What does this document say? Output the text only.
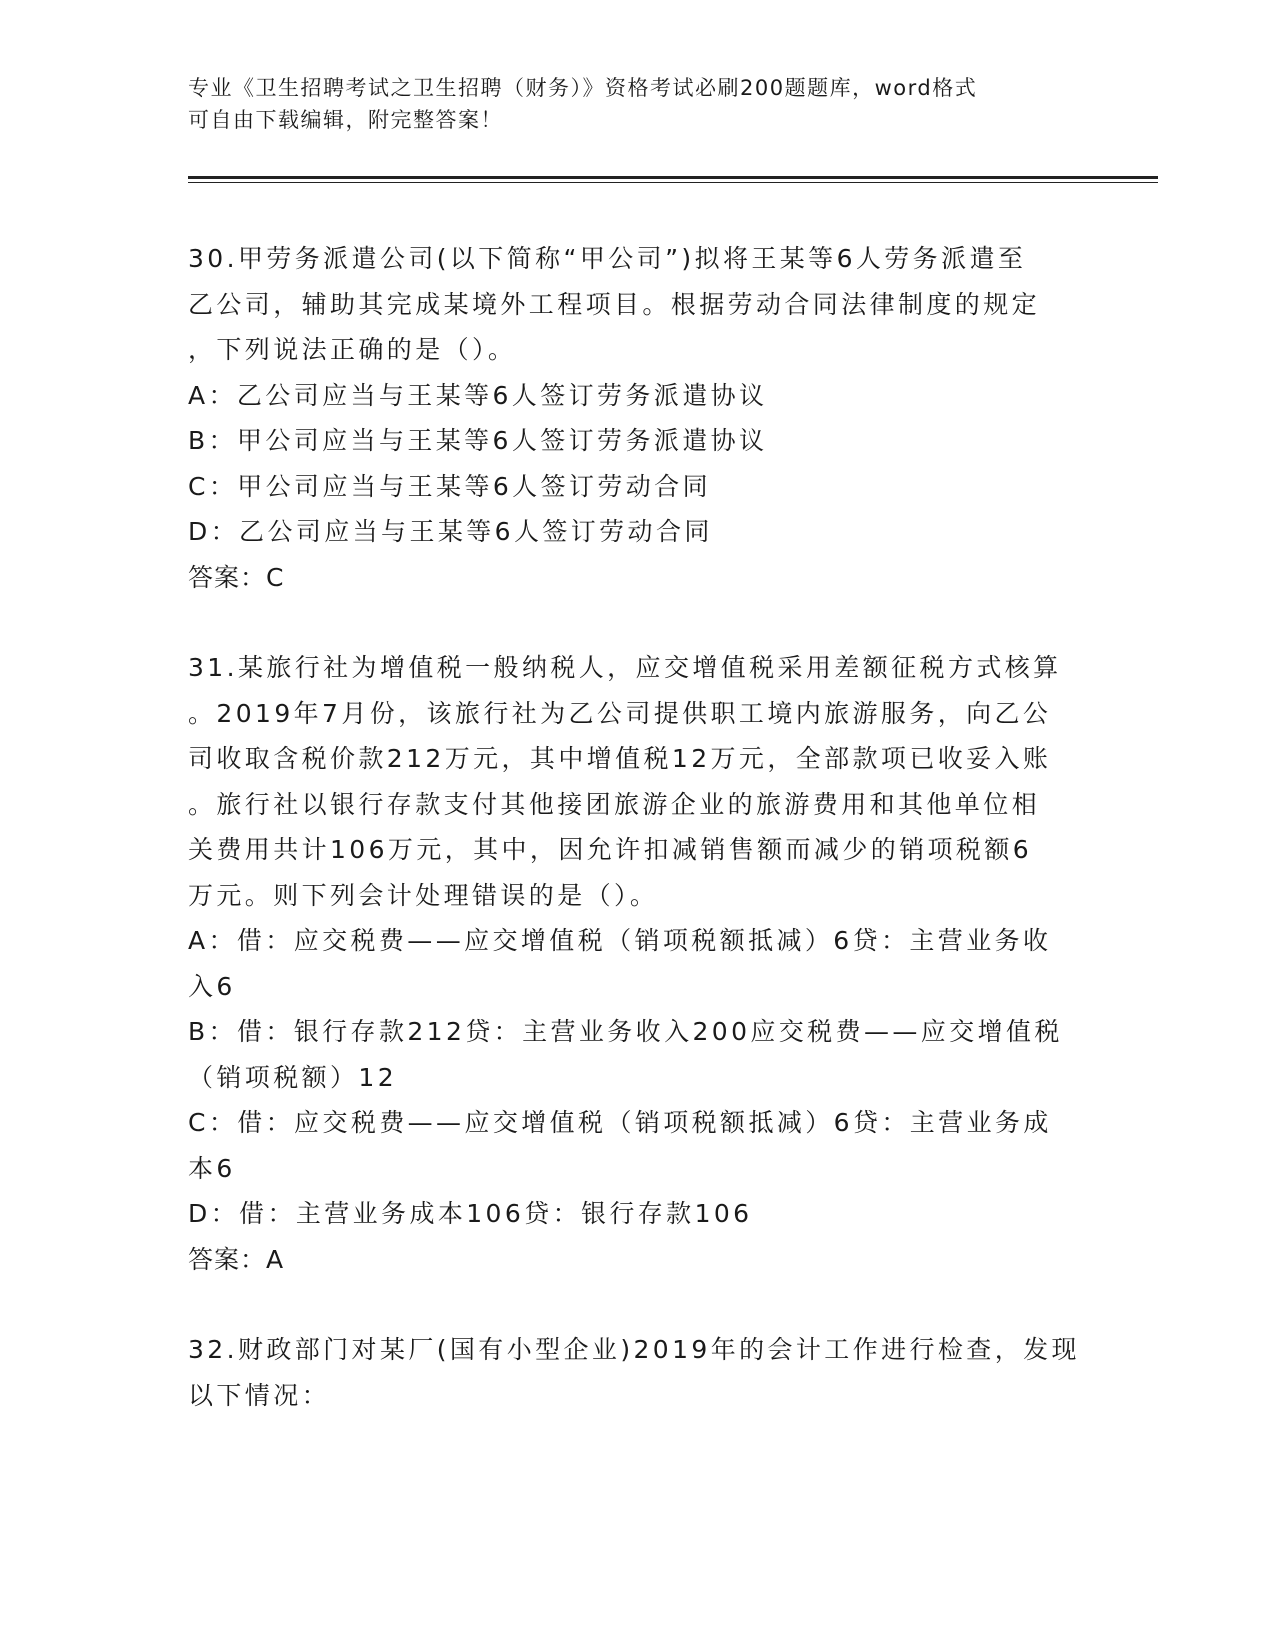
专业《卫生招聘考试之卫生招聘（财务）》资格考试必刷200题题库，word格式
可自由下载编辑，附完整答案！
30.甲劳务派遣公司(以下简称“甲公司”)拟将王某等6人劳务派遣至
乙公司，辅助其完成某境外工程项目。根据劳动合同法律制度的规定
，下列说法正确的是（）。
A：乙公司应当与王某等6人签订劳务派遣协议
B：甲公司应当与王某等6人签订劳务派遣协议
C：甲公司应当与王某等6人签订劳动合同
D：乙公司应当与王某等6人签订劳动合同
答案：C
31.某旅行社为增值税一般纳税人，应交增值税采用差额征税方式核算
。2019年7月份，该旅行社为乙公司提供职工境内旅游服务，向乙公
司收取含税价款212万元，其中增值税12万元，全部款项已收妥入账
。旅行社以银行存款支付其他接团旅游企业的旅游费用和其他单位相
关费用共计106万元，其中，因允许扣减销售额而减少的销项税额6
万元。则下列会计处理错误的是（）。
A：借：应交税费——应交增值税（销项税额抵减）6贷：主营业务收
入6
B：借：银行存款212贷：主营业务收入200应交税费——应交增值税
（销项税额）12
C：借：应交税费——应交增值税（销项税额抵减）6贷：主营业务成
本6
D：借：主营业务成本106贷：银行存款106
答案：A
32.财政部门对某厂(国有小型企业)2019年的会计工作进行检查，发现
以下情况：
